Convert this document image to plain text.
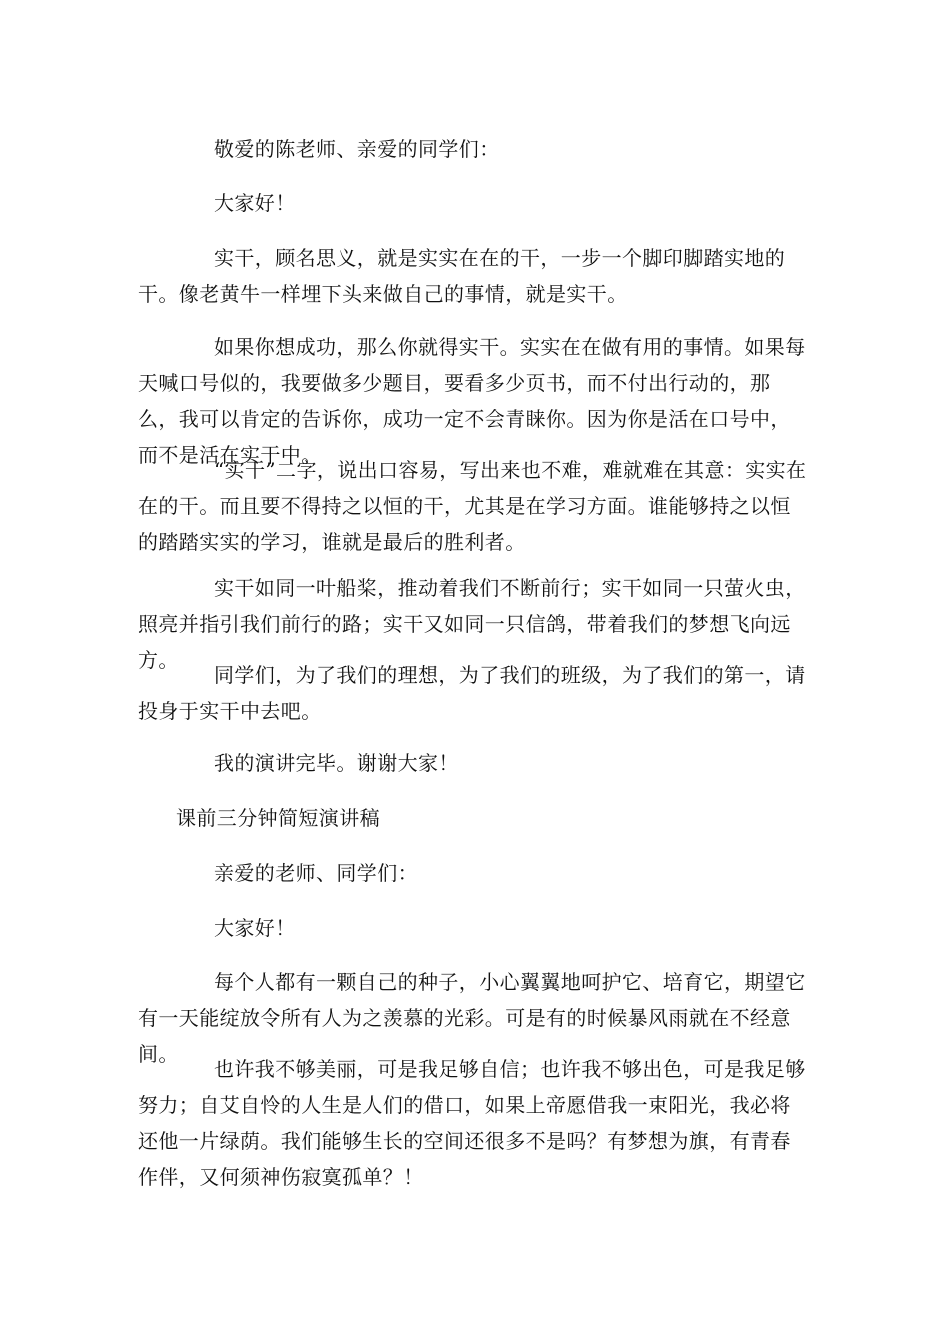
敬爱的陈老师、亲爱的同学们：

大家好！

实干，顾名思义，就是实实在在的干，一步一个脚印脚踏实地的干。像老黄牛一样埋下头来做自己的事情，就是实干。

如果你想成功，那么你就得实干。实实在在做有用的事情。如果每天喊口号似的，我要做多少题目，要看多少页书，而不付出行动的，那么，我可以肯定的告诉你，成功一定不会青睐你。因为你是活在口号中，而不是活在实干中。

“实干”二字，说出口容易，写出来也不难，难就难在其意：实实在在的干。而且要不得持之以恒的干，尤其是在学习方面。谁能够持之以恒的踏踏实实的学习，谁就是最后的胜利者。

实干如同一叶船桨，推动着我们不断前行；实干如同一只萤火虫，照亮并指引我们前行的路；实干又如同一只信鸽，带着我们的梦想飞向远方。

同学们，为了我们的理想，为了我们的班级，为了我们的第一，请投身于实干中去吧。

我的演讲完毕。谢谢大家！

课前三分钟简短演讲稿

亲爱的老师、同学们：

大家好！

每个人都有一颗自己的种子，小心翼翼地呵护它、培育它，期望它有一天能绽放令所有人为之羡慕的光彩。可是有的时候暴风雨就在不经意间。

也许我不够美丽，可是我足够自信；也许我不够出色，可是我足够努力；自艾自怜的人生是人们的借口，如果上帝愿借我一束阳光，我必将还他一片绿荫。我们能够生长的空间还很多不是吗？有梦想为旗，有青春作伴，又何须神伤寂寞孤单？！
